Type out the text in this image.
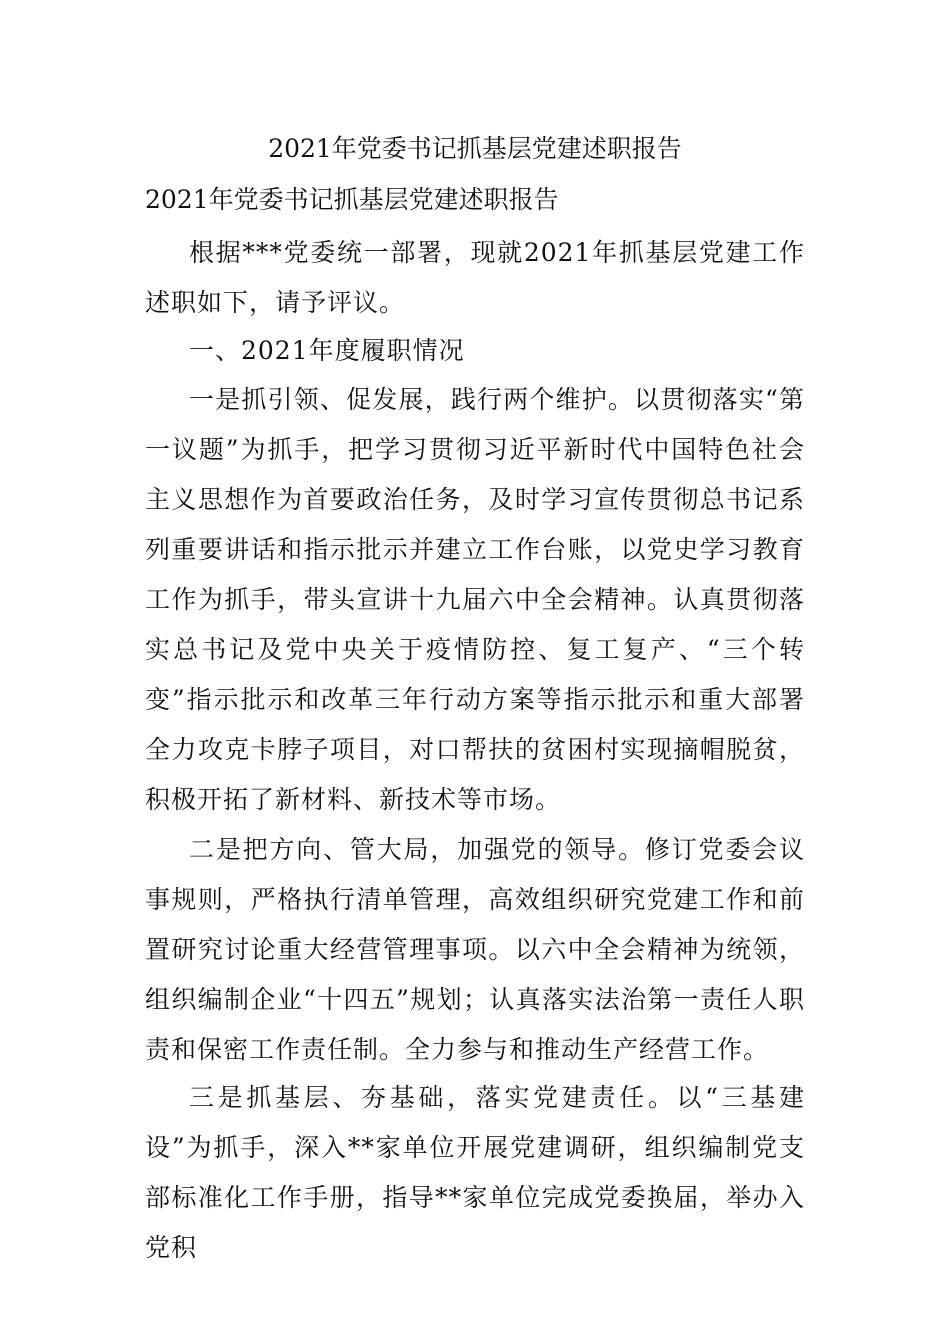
2021年党委书记抓基层党建述职报告
2021年党委书记抓基层党建述职报告
根据***党委统一部署，现就2021年抓基层党建工作述职如下，请予评议。
一、2021年度履职情况
一是抓引领、促发展，践行两个维护。以贯彻落实“第一议题”为抓手，把学习贯彻习近平新时代中国特色社会主义思想作为首要政治任务，及时学习宣传贯彻总书记系列重要讲话和指示批示并建立工作台账，以党史学习教育工作为抓手，带头宣讲十九届六中全会精神。认真贯彻落实总书记及党中央关于疫情防控、复工复产、“三个转变”指示批示和改革三年行动方案等指示批示和重大部署全力攻克卡脖子项目，对口帮扶的贫困村实现摘帽脱贫，积极开拓了新材料、新技术等市场。
二是把方向、管大局，加强党的领导。修订党委会议事规则，严格执行清单管理，高效组织研究党建工作和前置研究讨论重大经营管理事项。以六中全会精神为统领，组织编制企业“十四五”规划；认真落实法治第一责任人职责和保密工作责任制。全力参与和推动生产经营工作。
三是抓基层、夯基础，落实党建责任。以“三基建设”为抓手，深入**家单位开展党建调研，组织编制党支部标准化工作手册，指导**家单位完成党委换届，举办入党积
